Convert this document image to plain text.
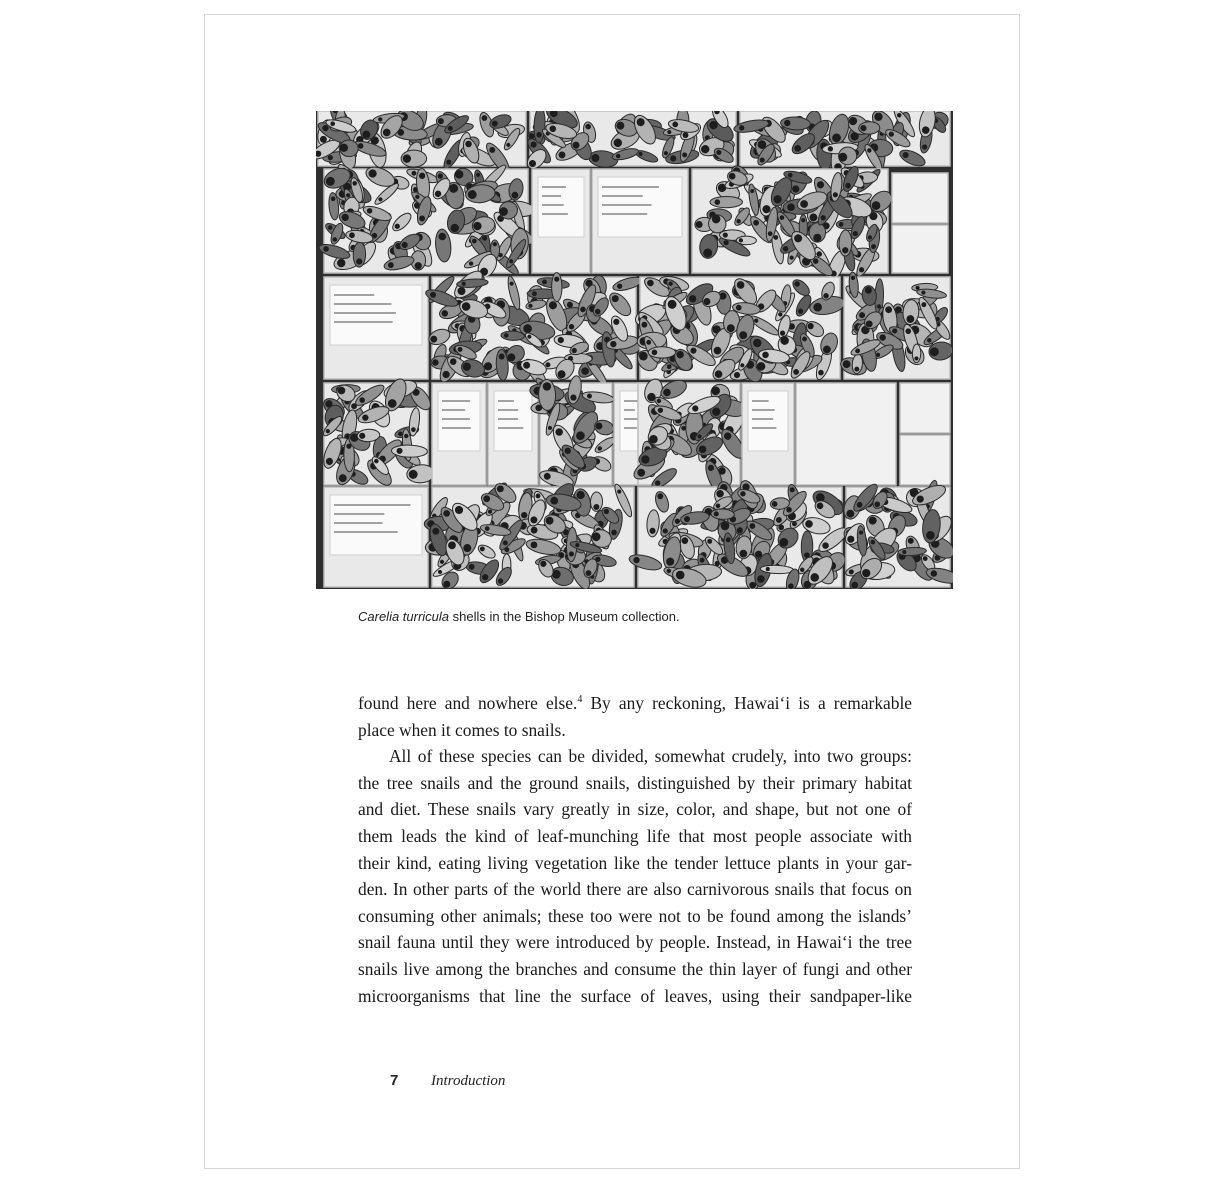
Carelia turricula shells in the Bishop Museum collection.
found here and nowhere else.$^4$ By any reckoning, Hawai‘i is a remarkable
place when it comes to snails.
All of these species can be divided, somewhat crudely, into two groups:
the tree snails and the ground snails, distinguished by their primary habitat
and diet. These snails vary greatly in size, color, and shape, but not one of
them leads the kind of leaf-munching life that most people associate with
their kind, eating living vegetation like the tender lettuce plants in your gar-
den. In other parts of the world there are also carnivorous snails that focus on
consuming other animals; these too were not to be found among the islands’
snail fauna until they were introduced by people. Instead, in Hawai‘i the tree
snails live among the branches and consume the thin layer of fungi and other
microorganisms that line the surface of leaves, using their sandpaper-like
7 Introduction
